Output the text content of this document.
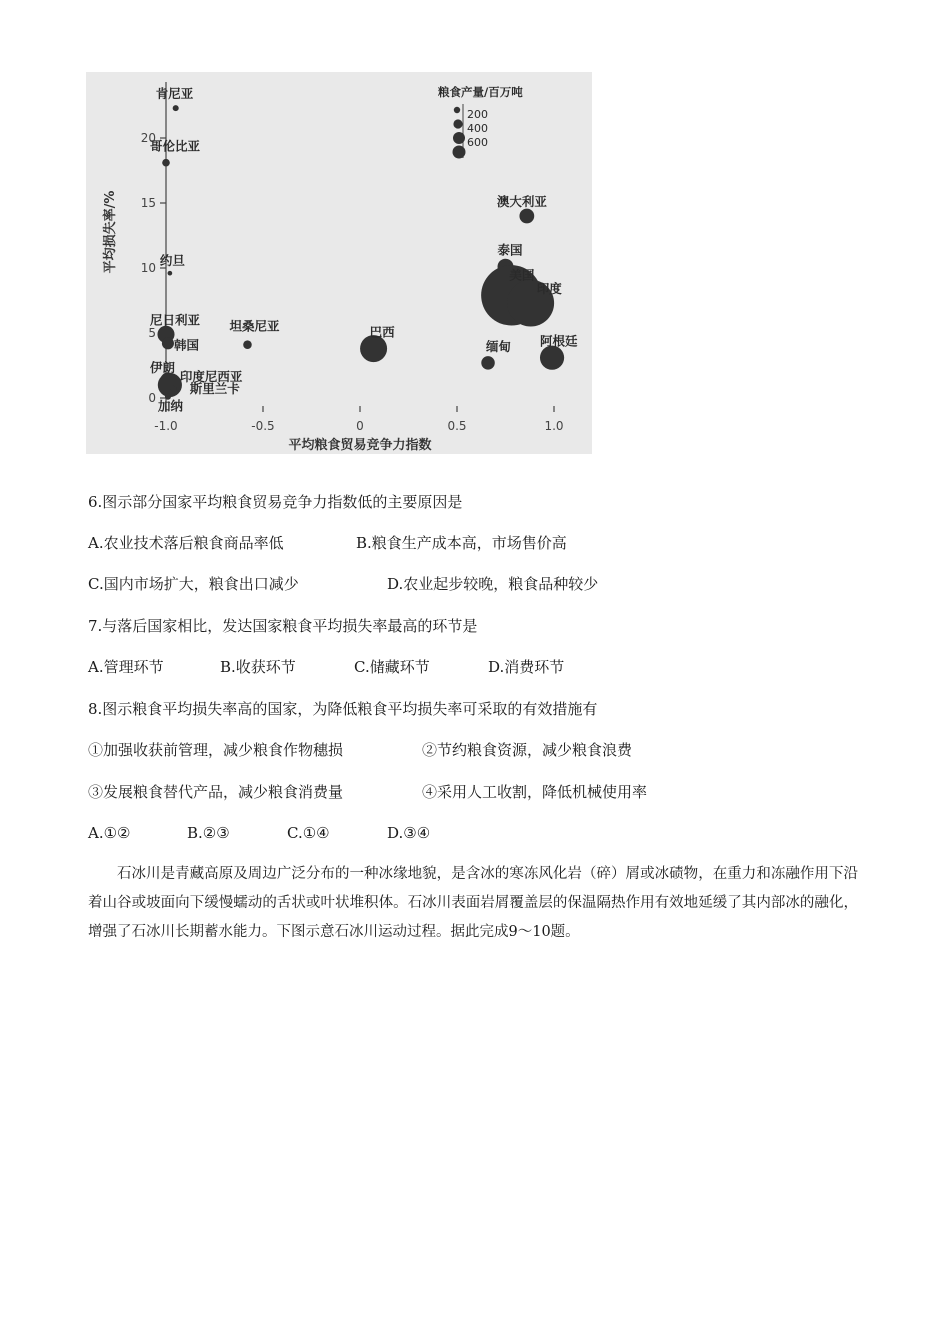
0
5
10
15
20
-1.0	-0.5	0	0.5	1.0
平均粮食贸易竞争力指数
平均损失率/%
肯尼亚
哥伦比亚
约旦
尼日利亚
韩国
伊朗
印度尼西亚
斯里兰卡
加纳
坦桑尼亚	巴西
缅甸 阿根廷
澳大利亚
泰国
美国
印度
粮食产量/百万吨
200
400
600
6.图示部分国家平均粮食贸易竞争力指数低的主要原因是
A.农业技术落后粮食商品率低	B.粮食生产成本高，市场售价高
C.国内市场扩大，粮食出口减少	D.农业起步较晚，粮食品种较少
7.与落后国家相比，发达国家粮食平均损失率最高的环节是
A.管理环节	B.收获环节	C.储藏环节	D.消费环节
8.图示粮食平均损失率高的国家，为降低粮食平均损失率可采取的有效措施有
①加强收获前管理，减少粮食作物穗损	②节约粮食资源，减少粮食浪费
③发展粮食替代产品，减少粮食消费量	④采用人工收割，降低机械使用率
A.①②	B.②③	C.①④	D.③④
石冰川是青藏高原及周边广泛分布的一种冰缘地貌，是含冰的寒冻风化岩（碎）屑或冰碛物，在重力和冻融作用下沿着山谷或坡面向下缓慢蠕动的舌状或叶状堆积体。石冰川表面岩屑覆盖层的保温隔热作用有效地延缓了其内部冰的融化，增强了石冰川长期蓄水能力。下图示意石冰川运动过程。据此完成9～10题。
